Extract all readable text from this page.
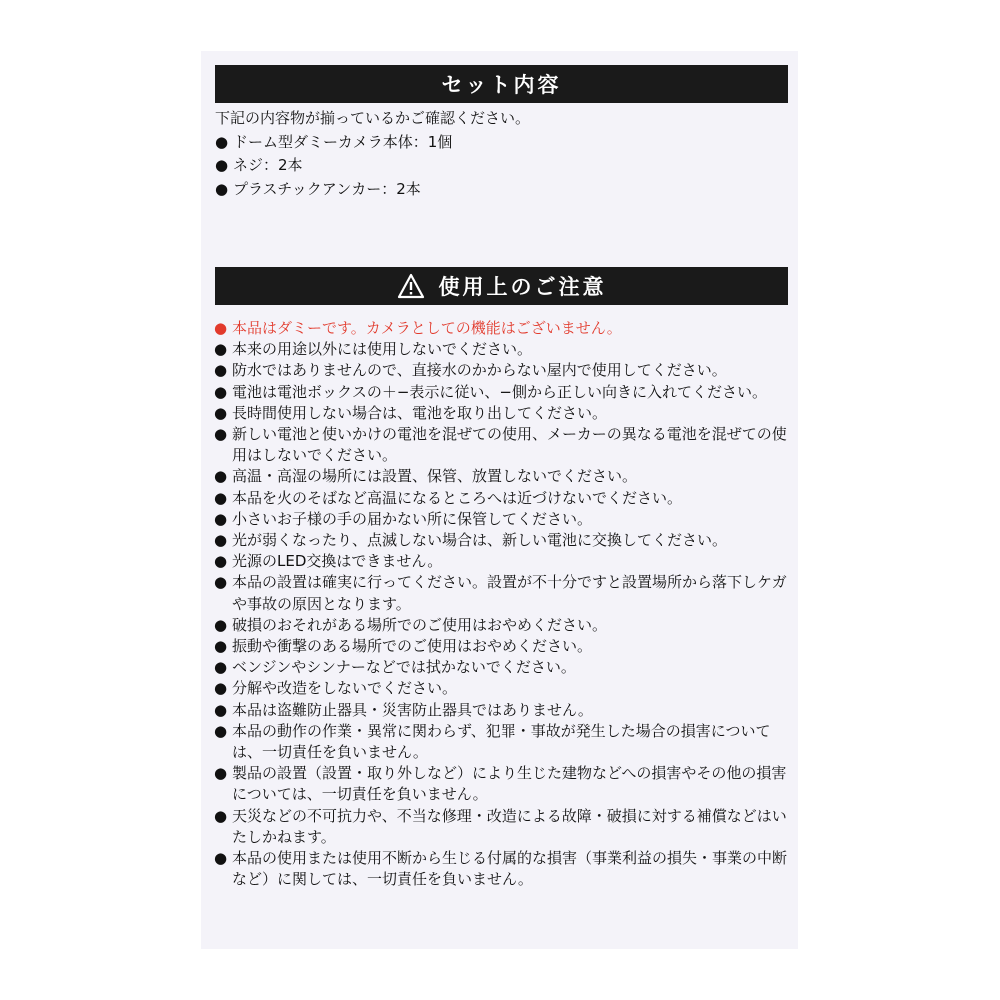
セット内容

下記の内容物が揃っているかご確認ください。

● ドーム型ダミーカメラ本体：1個
● ネジ：2本
● プラスチックアンカー：2本
使用上のご注意
● 本品はダミーです。カメラとしての機能はございません。
● 本来の用途以外には使用しないでください。
● 防水ではありませんので、直接水のかからない屋内で使用してください。
● 電池は電池ボックスの＋−表示に従い、−側から正しい向きに入れてください。
● 長時間使用しない場合は、電池を取り出してください。
● 新しい電池と使いかけの電池を混ぜての使用、メーカーの異なる電池を混ぜての使用はしないでください。
● 高温・高湿の場所には設置、保管、放置しないでください。
● 本品を火のそばなど高温になるところへは近づけないでください。
● 小さいお子様の手の届かない所に保管してください。
● 光が弱くなったり、点滅しない場合は、新しい電池に交換してください。
● 光源のLED交換はできません。
● 本品の設置は確実に行ってください。設置が不十分ですと設置場所から落下しケガや事故の原因となります。
● 破損のおそれがある場所でのご使用はおやめください。
● 振動や衝撃のある場所でのご使用はおやめください。
● ベンジンやシンナーなどでは拭かないでください。
● 分解や改造をしないでください。
● 本品は盗難防止器具・災害防止器具ではありません。
● 本品の動作の作業・異常に関わらず、犯罪・事故が発生した場合の損害については、一切責任を負いません。
● 製品の設置（設置・取り外しなど）により生じた建物などへの損害やその他の損害については、一切責任を負いません。
● 天災などの不可抗力や、不当な修理・改造による故障・破損に対する補償などはいたしかねます。
● 本品の使用または使用不断から生じる付属的な損害（事業利益の損失・事業の中断など）に関しては、一切責任を負いません。
